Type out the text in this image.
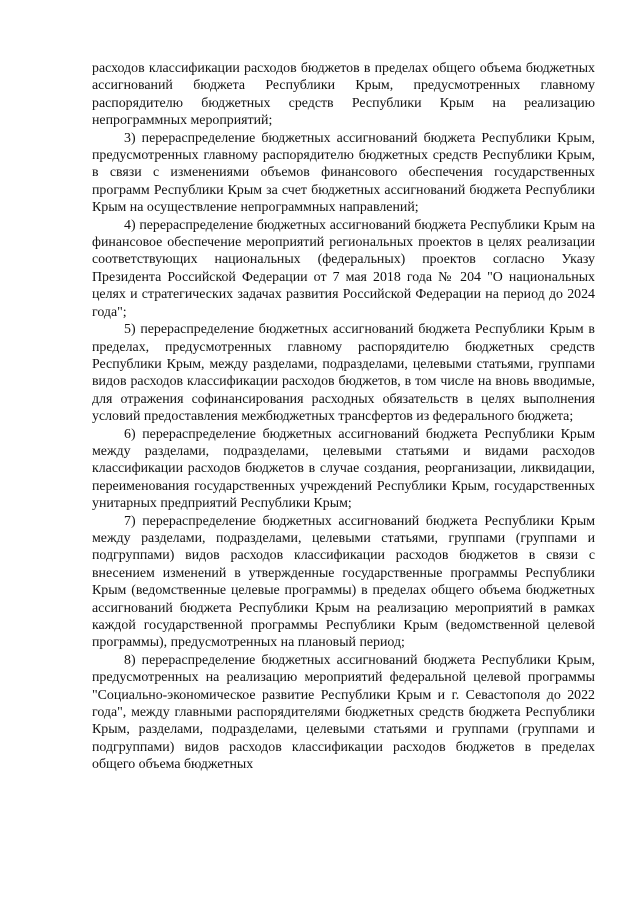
расходов классификации расходов бюджетов в пределах общего объема бюджетных ассигнований бюджета Республики Крым, предусмотренных главному распорядителю бюджетных средств Республики Крым на реализацию непрограммных мероприятий;

3) перераспределение бюджетных ассигнований бюджета Республики Крым, предусмотренных главному распорядителю бюджетных средств Республики Крым, в связи с изменениями объемов финансового обеспечения государственных программ Республики Крым за счет бюджетных ассигнований бюджета Республики Крым на осуществление непрограммных направлений;

4) перераспределение бюджетных ассигнований бюджета Республики Крым на финансовое обеспечение мероприятий региональных проектов в целях реализации соответствующих национальных (федеральных) проектов согласно Указу Президента Российской Федерации от 7 мая 2018 года № 204 "О национальных целях и стратегических задачах развития Российской Федерации на период до 2024 года";

5) перераспределение бюджетных ассигнований бюджета Республики Крым в пределах, предусмотренных главному распорядителю бюджетных средств Республики Крым, между разделами, подразделами, целевыми статьями, группами видов расходов классификации расходов бюджетов, в том числе на вновь вводимые, для отражения софинансирования расходных обязательств в целях выполнения условий предоставления межбюджетных трансфертов из федерального бюджета;

6) перераспределение бюджетных ассигнований бюджета Республики Крым между разделами, подразделами, целевыми статьями и видами расходов классификации расходов бюджетов в случае создания, реорганизации, ликвидации, переименования государственных учреждений Республики Крым, государственных унитарных предприятий Республики Крым;

7) перераспределение бюджетных ассигнований бюджета Республики Крым между разделами, подразделами, целевыми статьями, группами (группами и подгруппами) видов расходов классификации расходов бюджетов в связи с внесением изменений в утвержденные государственные программы Республики Крым (ведомственные целевые программы) в пределах общего объема бюджетных ассигнований бюджета Республики Крым на реализацию мероприятий в рамках каждой государственной программы Республики Крым (ведомственной целевой программы), предусмотренных на плановый период;

8) перераспределение бюджетных ассигнований бюджета Республики Крым, предусмотренных на реализацию мероприятий федеральной целевой программы "Социально-экономическое развитие Республики Крым и г. Севастополя до 2022 года", между главными распорядителями бюджетных средств бюджета Республики Крым, разделами, подразделами, целевыми статьями и группами (группами и подгруппами) видов расходов классификации расходов бюджетов в пределах общего объема бюджетных
